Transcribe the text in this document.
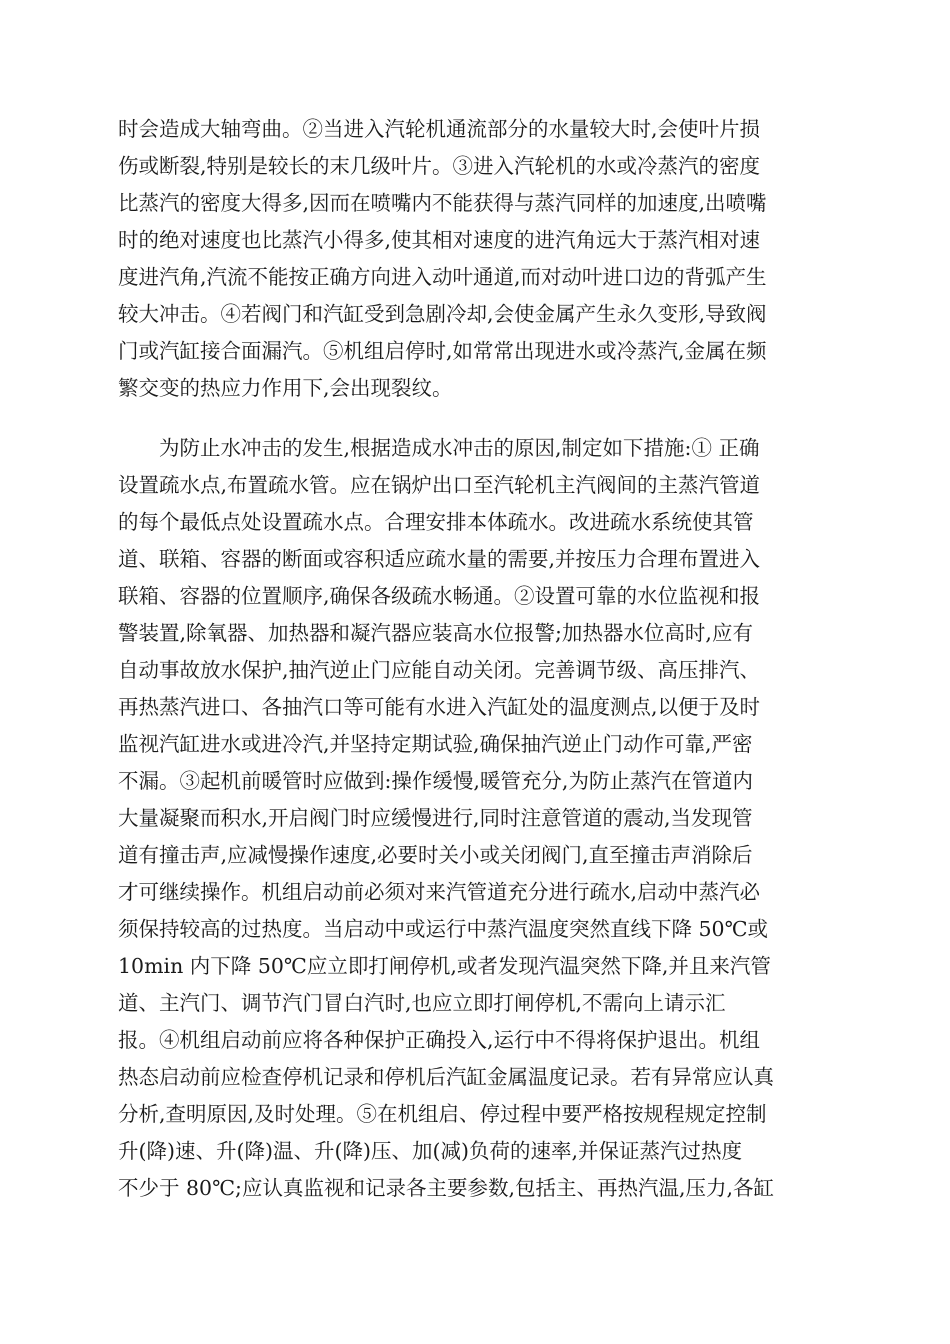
时会造成大轴弯曲。②当进入汽轮机通流部分的水量较大时,会使叶片损
伤或断裂,特别是较长的末几级叶片。③进入汽轮机的水或冷蒸汽的密度
比蒸汽的密度大得多,因而在喷嘴内不能获得与蒸汽同样的加速度,出喷嘴
时的绝对速度也比蒸汽小得多,使其相对速度的进汽角远大于蒸汽相对速
度进汽角,汽流不能按正确方向进入动叶通道,而对动叶进口边的背弧产生
较大冲击。④若阀门和汽缸受到急剧冷却,会使金属产生永久变形,导致阀
门或汽缸接合面漏汽。⑤机组启停时,如常常出现进水或冷蒸汽,金属在频
繁交变的热应力作用下,会出现裂纹。
　　为防止水冲击的发生,根据造成水冲击的原因,制定如下措施:① 正确
设置疏水点,布置疏水管。应在锅炉出口至汽轮机主汽阀间的主蒸汽管道
的每个最低点处设置疏水点。合理安排本体疏水。改进疏水系统使其管
道、联箱、容器的断面或容积适应疏水量的需要,并按压力合理布置进入
联箱、容器的位置顺序,确保各级疏水畅通。②设置可靠的水位监视和报
警装置,除氧器、加热器和凝汽器应装高水位报警;加热器水位高时,应有
自动事故放水保护,抽汽逆止门应能自动关闭。完善调节级、高压排汽、
再热蒸汽进口、各抽汽口等可能有水进入汽缸处的温度测点,以便于及时
监视汽缸进水或进冷汽,并坚持定期试验,确保抽汽逆止门动作可靠,严密
不漏。③起机前暖管时应做到:操作缓慢,暖管充分,为防止蒸汽在管道内
大量凝聚而积水,开启阀门时应缓慢进行,同时注意管道的震动,当发现管
道有撞击声,应减慢操作速度,必要时关小或关闭阀门,直至撞击声消除后
才可继续操作。机组启动前必须对来汽管道充分进行疏水,启动中蒸汽必
须保持较高的过热度。当启动中或运行中蒸汽温度突然直线下降 50℃或
10min 内下降 50℃应立即打闸停机,或者发现汽温突然下降,并且来汽管
道、主汽门、调节汽门冒白汽时,也应立即打闸停机,不需向上请示汇
报。④机组启动前应将各种保护正确投入,运行中不得将保护退出。机组
热态启动前应检查停机记录和停机后汽缸金属温度记录。若有异常应认真
分析,查明原因,及时处理。⑤在机组启、停过程中要严格按规程规定控制
升(降)速、升(降)温、升(降)压、加(减)负荷的速率,并保证蒸汽过热度
不少于 80℃;应认真监视和记录各主要参数,包括主、再热汽温,压力,各缸
